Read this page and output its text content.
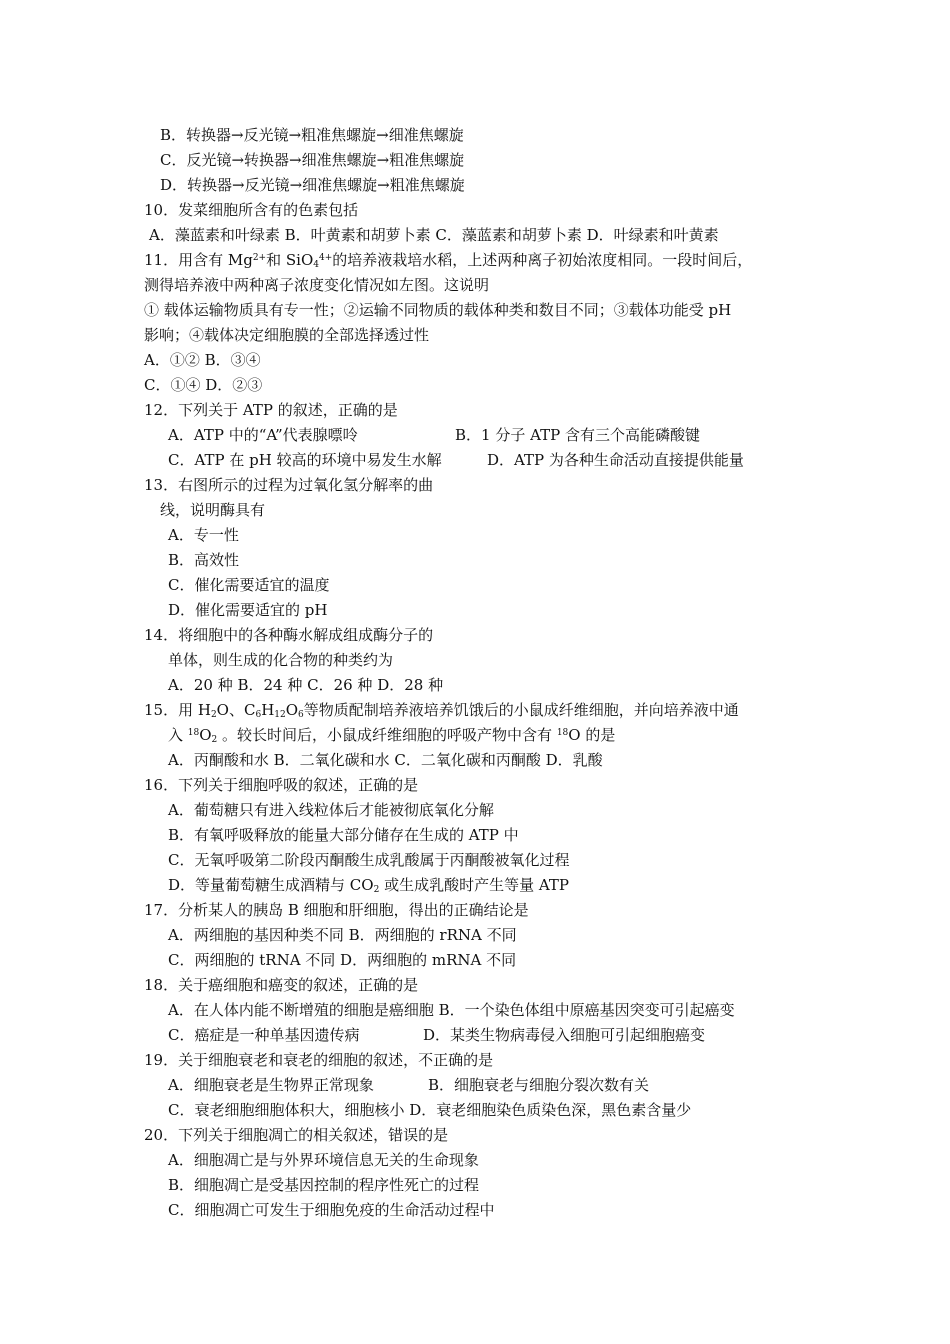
B．转换器→反光镜→粗准焦螺旋→细准焦螺旋
C．反光镜→转换器→细准焦螺旋→粗准焦螺旋
D．转换器→反光镜→细准焦螺旋→粗准焦螺旋
10．发菜细胞所含有的色素包括
A．藻蓝素和叶绿素 B．叶黄素和胡萝卜素 C．藻蓝素和胡萝卜素 D．叶绿素和叶黄素
11．用含有 $Mg^{2+}$和 SiO$_4^{4+}$的培养液栽培水稻，上述两种离子初始浓度相同。一段时间后，
测得培养液中两种离子浓度变化情况如左图。这说明
① 载体运输物质具有专一性；②运输不同物质的载体种类和数目不同；③载体功能受 pH
影响；④载体决定细胞膜的全部选择透过性
A．①② B．③④
C．①④ D．②③
12．下列关于 ATP 的叙述，正确的是
A．ATP 中的“A”代表腺嘌呤	B．1 分子 ATP 含有三个高能磷酸键
C．ATP 在 pH 较高的环境中易发生水解	D．ATP 为各种生命活动直接提供能量
13．右图所示的过程为过氧化氢分解率的曲
线，说明酶具有
A．专一性
B．高效性
C．催化需要适宜的温度
D．催化需要适宜的 pH
14．将细胞中的各种酶水解成组成酶分子的
单体，则生成的化合物的种类约为
A．20 种 B．24 种 C．26 种 D．28 种
15．用 $H_2O$、$C_6H_{12}O_6$等物质配制培养液培养饥饿后的小鼠成纤维细胞，并向培养液中通
入 $^{18}O_2$ 。较长时间后，小鼠成纤维细胞的呼吸产物中含有 $^{18}$O 的是
A．丙酮酸和水 B．二氧化碳和水 C．二氧化碳和丙酮酸 D．乳酸
16．下列关于细胞呼吸的叙述，正确的是
A．葡萄糖只有进入线粒体后才能被彻底氧化分解
B．有氧呼吸释放的能量大部分储存在生成的 ATP 中
C．无氧呼吸第二阶段丙酮酸生成乳酸属于丙酮酸被氧化过程
D．等量葡萄糖生成酒精与 $CO_2$ 或生成乳酸时产生等量 ATP
17．分析某人的胰岛 B 细胞和肝细胞，得出的正确结论是
A．两细胞的基因种类不同 B．两细胞的 rRNA 不同
C．两细胞的 tRNA 不同 D．两细胞的 mRNA 不同
18．关于癌细胞和癌变的叙述，正确的是
A．在人体内能不断增殖的细胞是癌细胞 B．一个染色体组中原癌基因突变可引起癌变
C．癌症是一种单基因遗传病	D．某类生物病毒侵入细胞可引起细胞癌变
19．关于细胞衰老和衰老的细胞的叙述，不正确的是
A．细胞衰老是生物界正常现象	B．细胞衰老与细胞分裂次数有关
C．衰老细胞细胞体积大，细胞核小 D．衰老细胞染色质染色深，黑色素含量少
20．下列关于细胞凋亡的相关叙述，错误的是
A．细胞凋亡是与外界环境信息无关的生命现象
B．细胞凋亡是受基因控制的程序性死亡的过程
C．细胞凋亡可发生于细胞免疫的生命活动过程中
